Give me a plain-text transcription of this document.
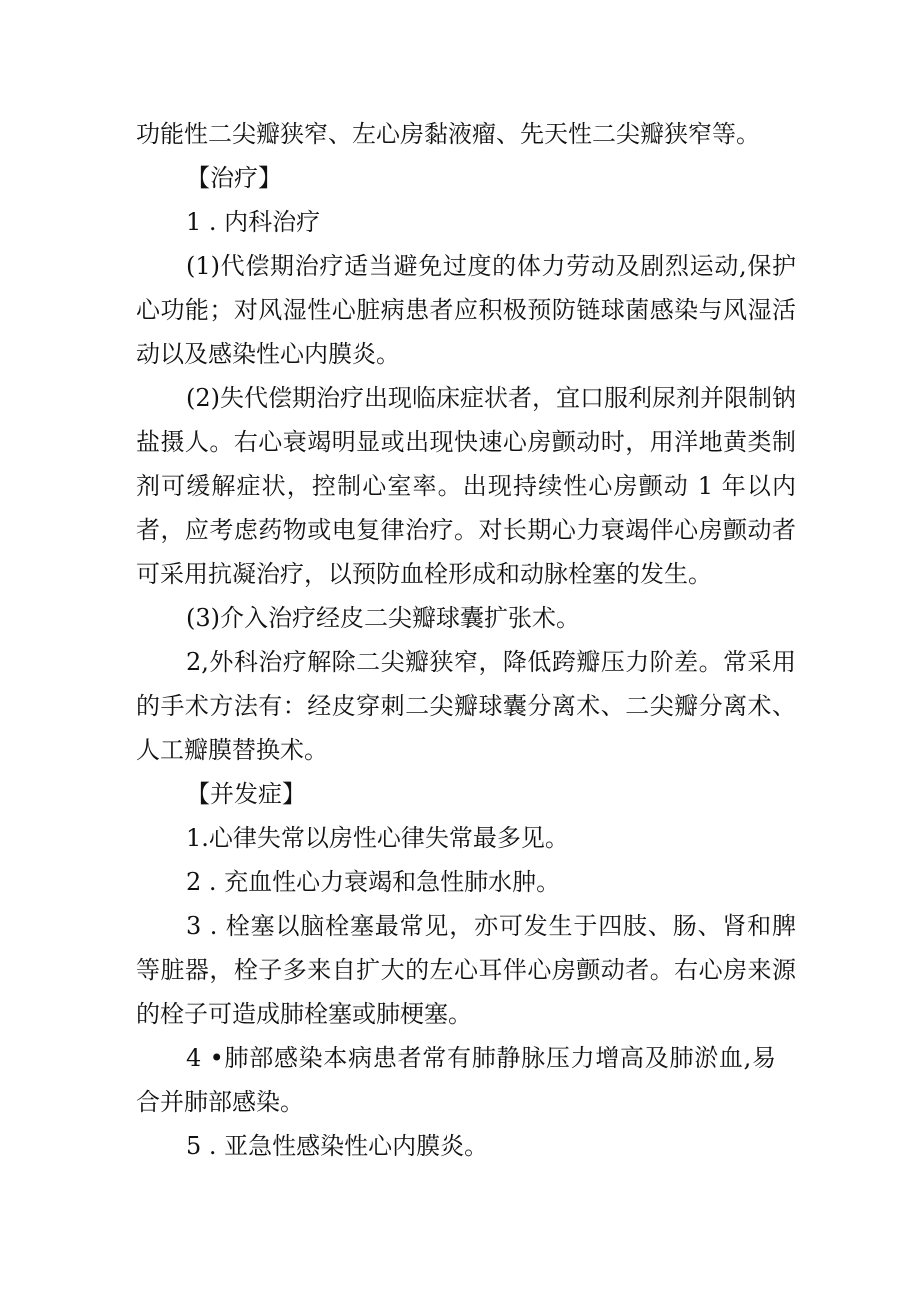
功能性二尖瓣狭窄、左心房黏液瘤、先天性二尖瓣狭窄等。

【治疗】

1 . 内科治疗

(1)代偿期治疗适当避免过度的体力劳动及剧烈运动,保护心功能；对风湿性心脏病患者应积极预防链球菌感染与风湿活动以及感染性心内膜炎。

(2)失代偿期治疗出现临床症状者，宜口服利尿剂并限制钠盐摄人。右心衰竭明显或出现快速心房颤动时，用洋地黄类制剂可缓解症状，控制心室率。出现持续性心房颤动 1 年以内者，应考虑药物或电复律治疗。对长期心力衰竭伴心房颤动者可采用抗凝治疗，以预防血栓形成和动脉栓塞的发生。

(3)介入治疗经皮二尖瓣球囊扩张术。

2,外科治疗解除二尖瓣狭窄，降低跨瓣压力阶差。常采用的手术方法有：经皮穿刺二尖瓣球囊分离术、二尖瓣分离术、人工瓣膜替换术。

【并发症】

1.心律失常以房性心律失常最多见。

2 . 充血性心力衰竭和急性肺水肿。

3 . 栓塞以脑栓塞最常见，亦可发生于四肢、肠、肾和脾等脏器，栓子多来自扩大的左心耳伴心房颤动者。右心房来源的栓子可造成肺栓塞或肺梗塞。

4 •肺部感染本病患者常有肺静脉压力增高及肺淤血,易合并肺部感染。

5 . 亚急性感染性心内膜炎。
